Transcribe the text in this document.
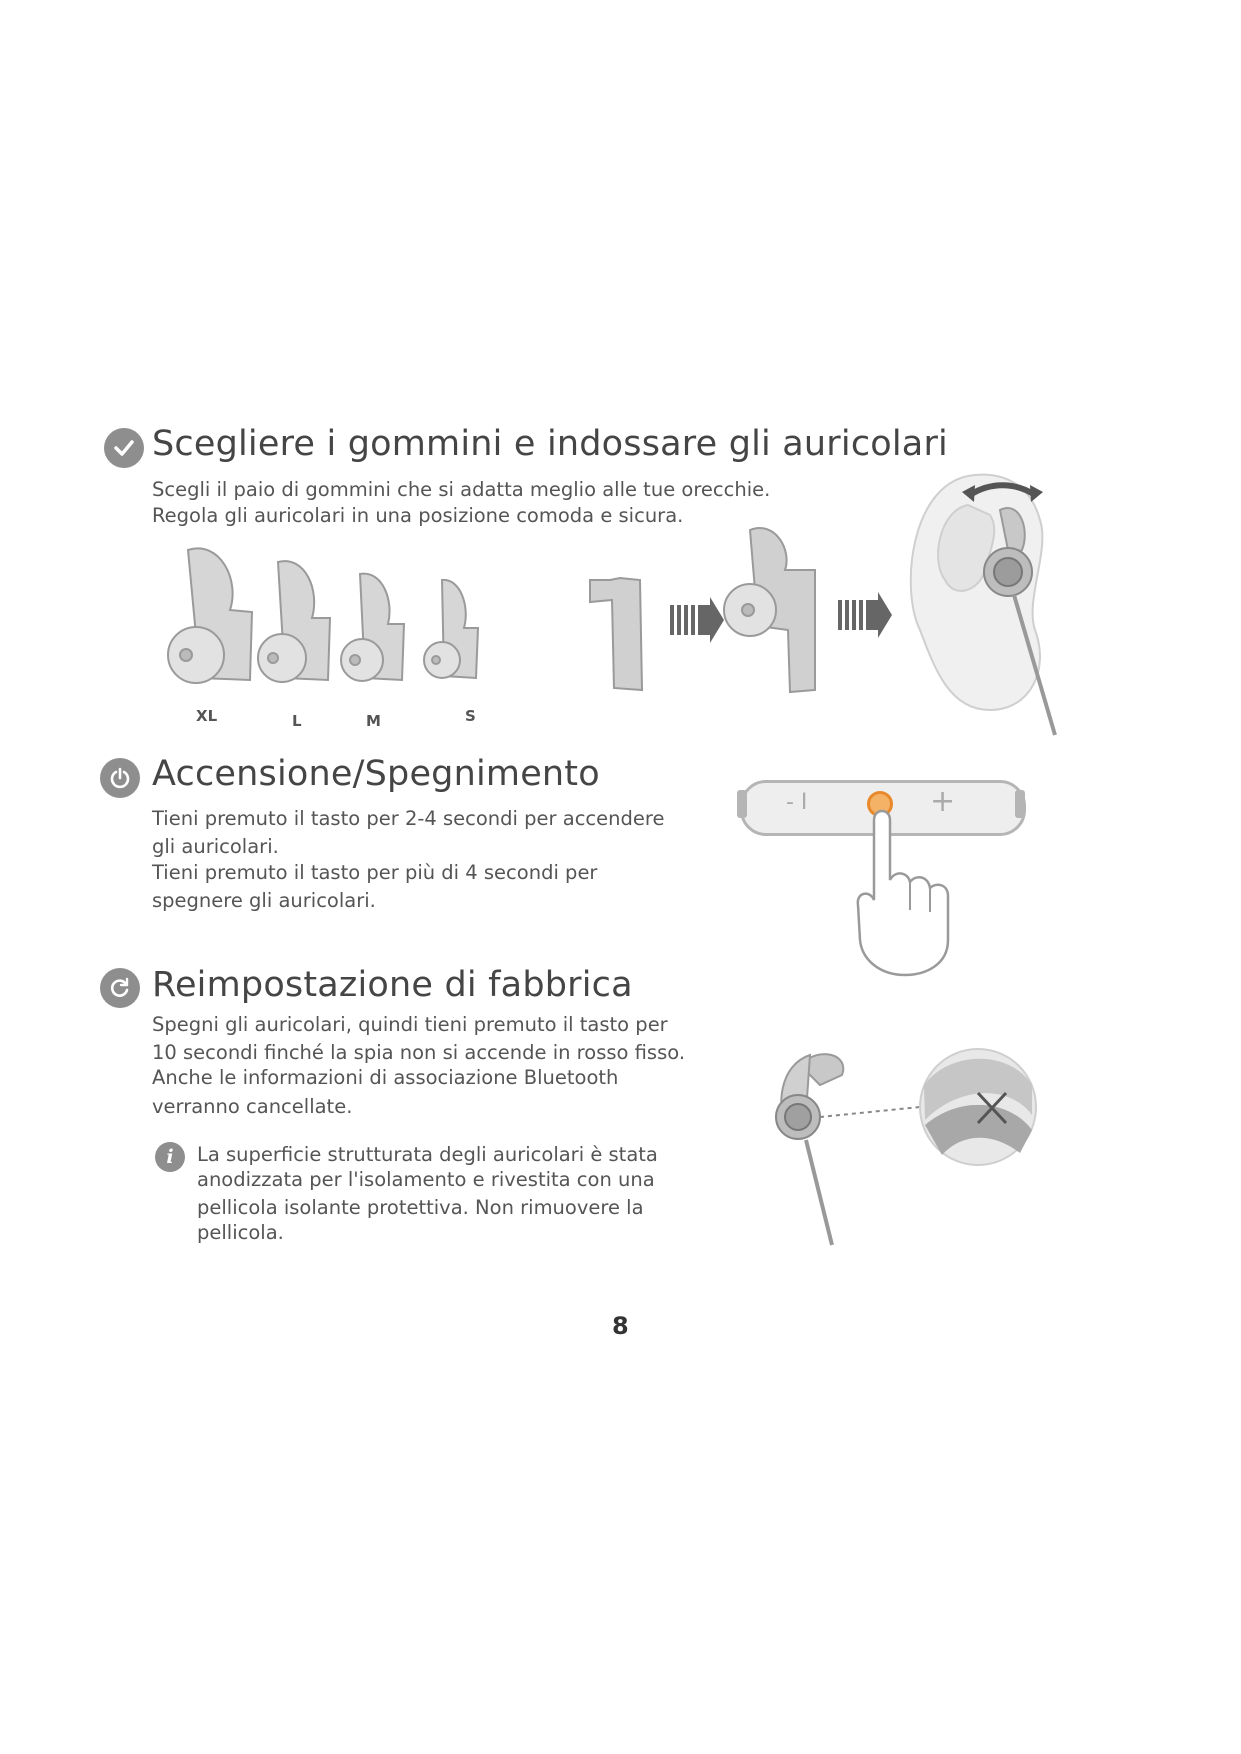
Scegliere i gommini e indossare gli auricolari
Scegli il paio di gommini che si adatta meglio alle tue orecchie.
Regola gli auricolari in una posizione comoda e sicura.
XL	L	M	S
Accensione/Spegnimento
Tieni premuto il tasto per 2-4 secondi per accendere
gli auricolari.
Tieni premuto il tasto per più di 4 secondi per
spegnere gli auricolari.
- I	+
Reimpostazione di fabbrica
Spegni gli auricolari, quindi tieni premuto il tasto per
10 secondi finché la spia non si accende in rosso fisso.
Anche le informazioni di associazione Bluetooth
verranno cancellate.
i La superficie strutturata degli auricolari è stata
anodizzata per l'isolamento e rivestita con una
pellicola isolante protettiva. Non rimuovere la
pellicola.
8
